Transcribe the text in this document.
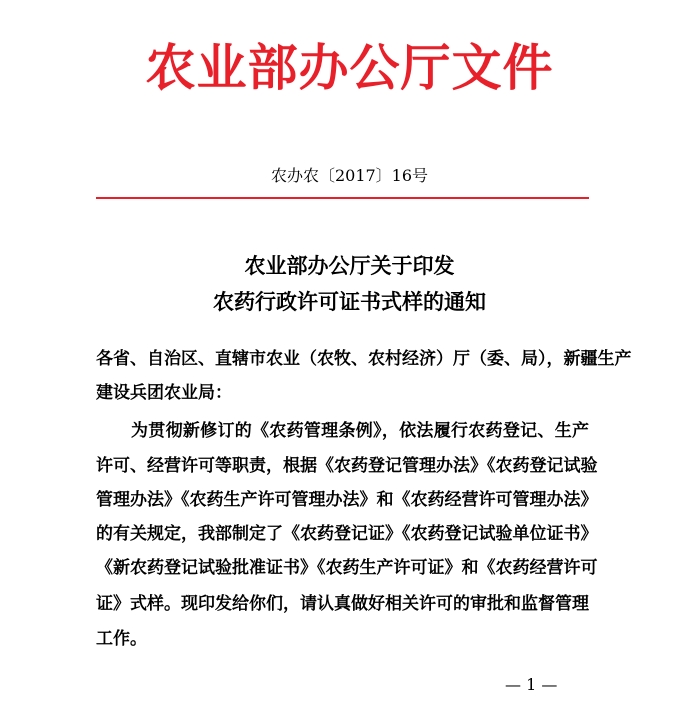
农业部办公厅文件
农办农〔2017〕16号
农业部办公厅关于印发
农药行政许可证书式样的通知
各省、自治区、直辖市农业（农牧、农村经济）厅（委、局），新疆生产
建设兵团农业局：
为贯彻新修订的《农药管理条例》，依法履行农药登记、生产
许可、经营许可等职责，根据《农药登记管理办法》《农药登记试验
管理办法》《农药生产许可管理办法》和《农药经营许可管理办法》
的有关规定，我部制定了《农药登记证》《农药登记试验单位证书》
《新农药登记试验批准证书》《农药生产许可证》和《农药经营许可
证》式样。现印发给你们，请认真做好相关许可的审批和监督管理
工作。
— 1 —
